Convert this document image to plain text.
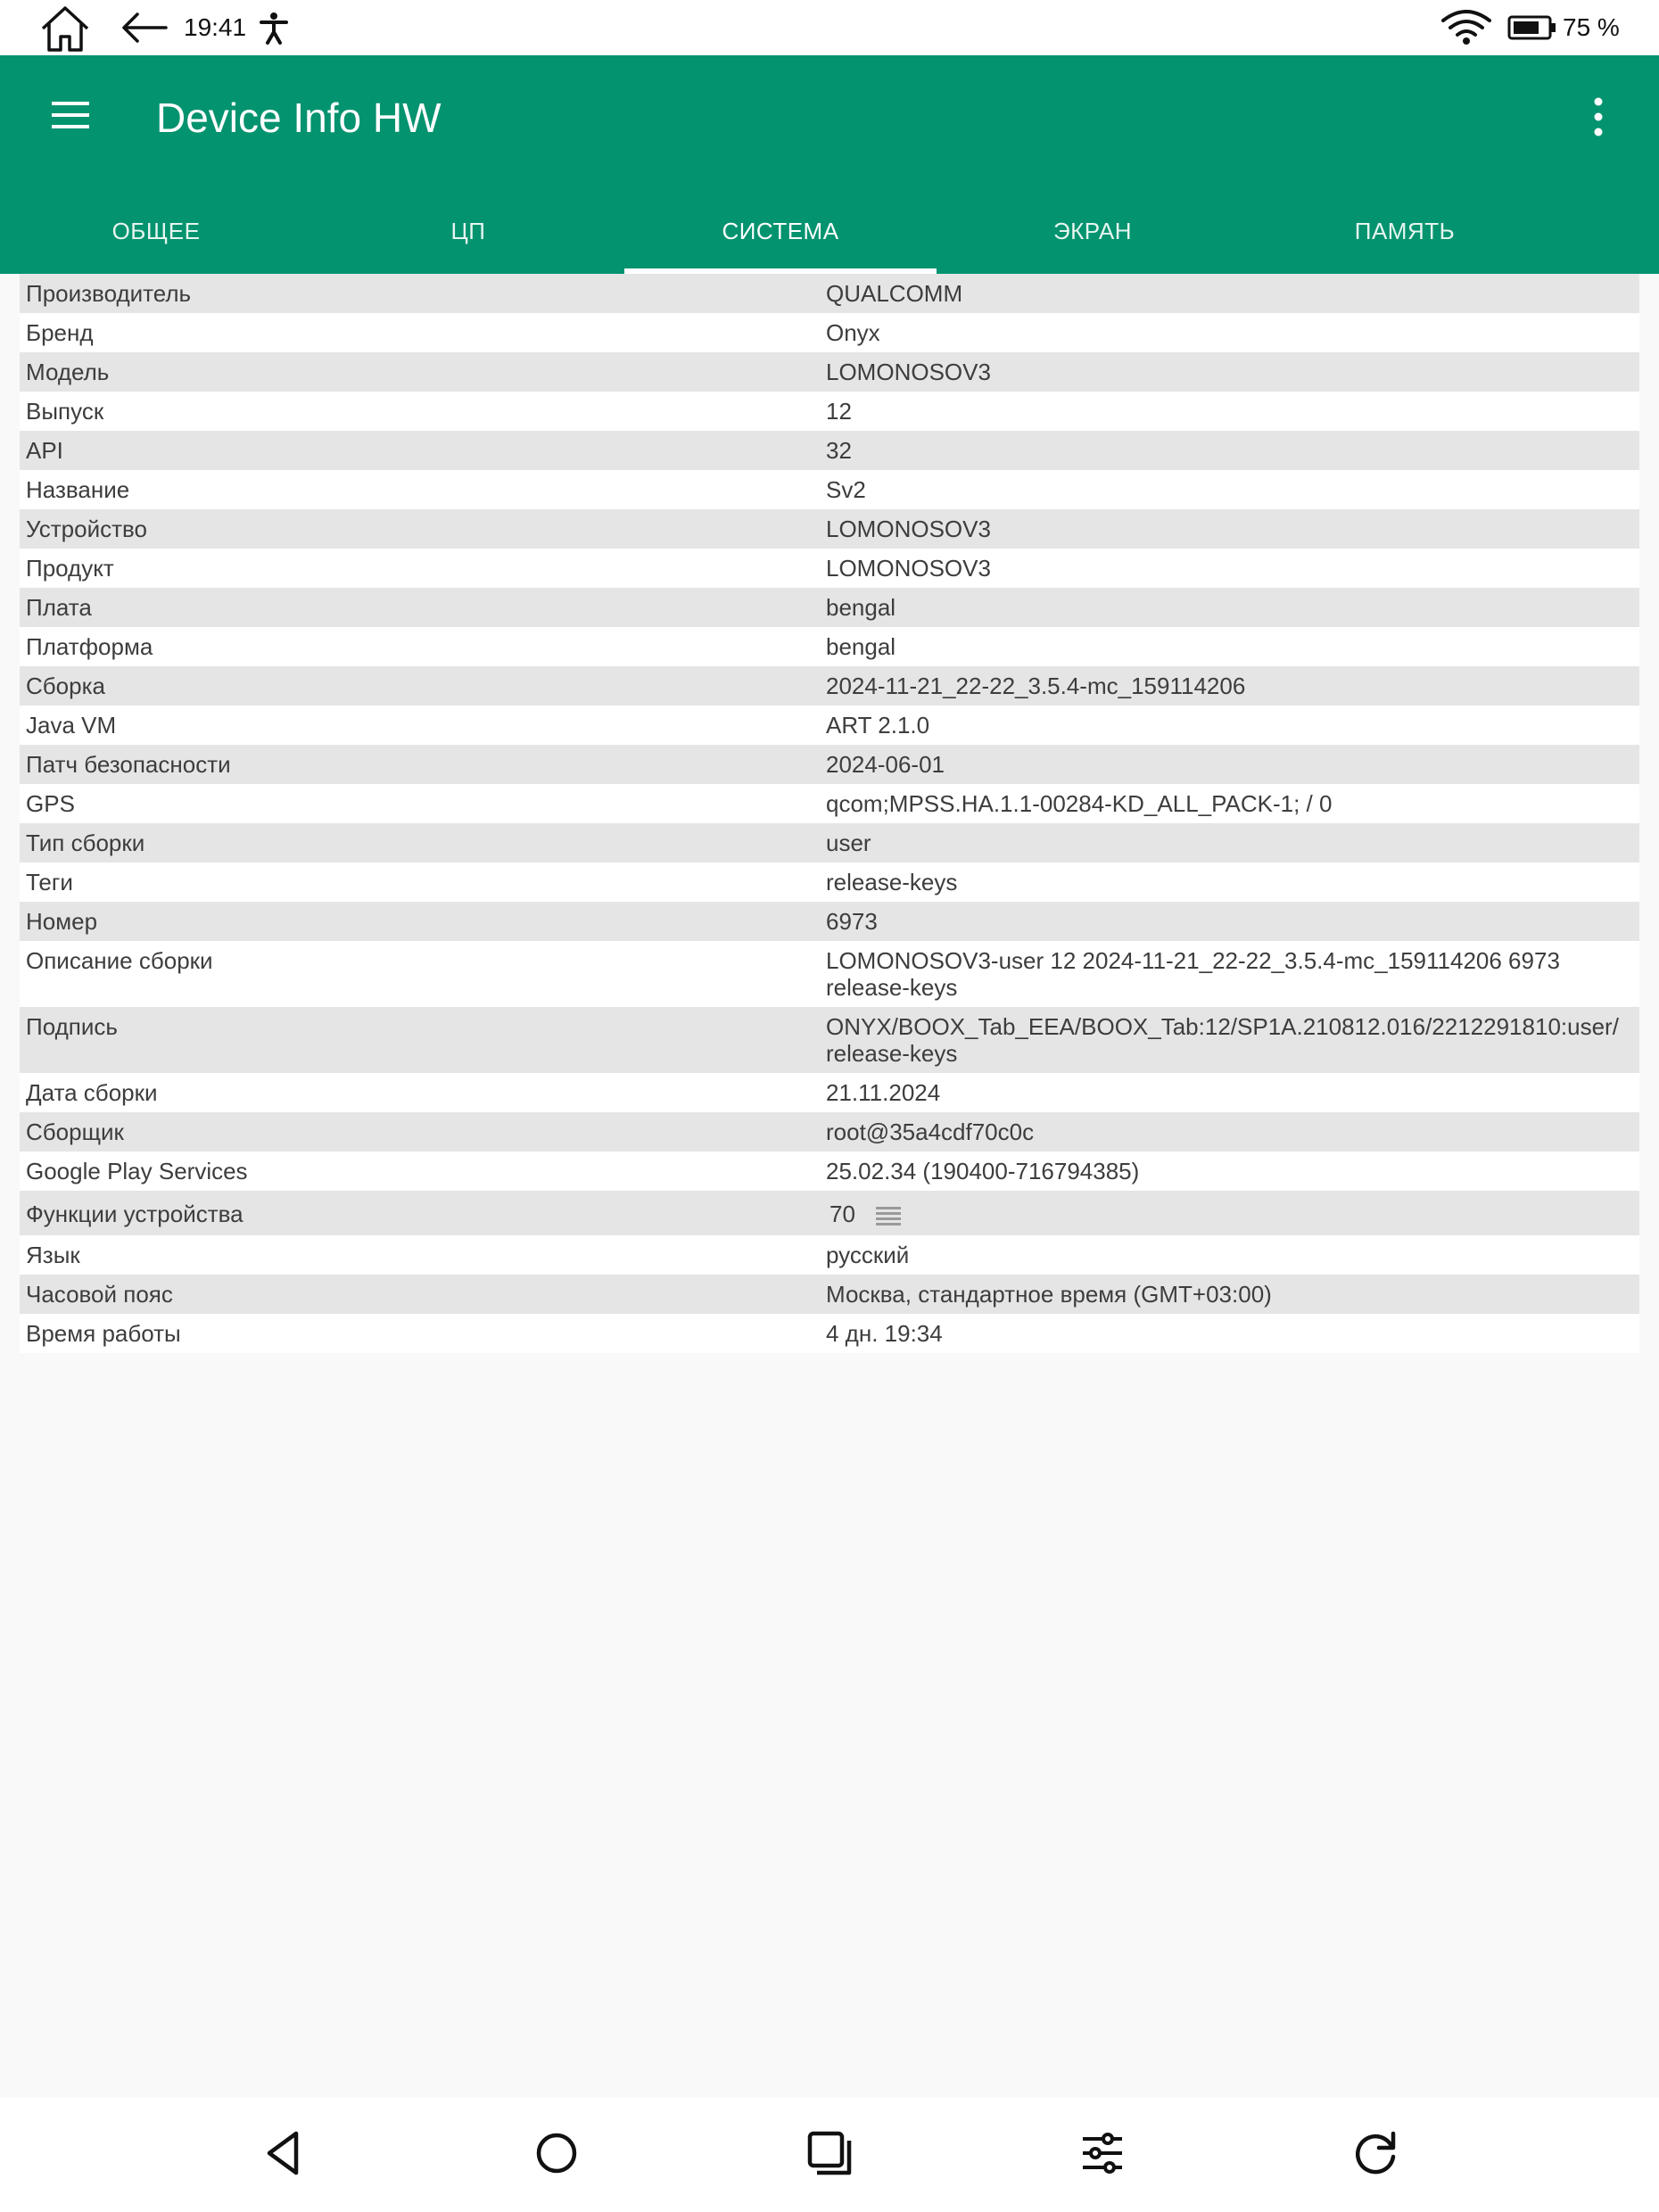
19:41	75 %
Device Info HW
ОБЩЕЕ	ЦП	СИСТЕМА	ЭКРАН	ПАМЯТЬ
Производитель	QUALCOMM
Бренд	Onyx
Модель	LOMONOSOV3
Выпуск	12
API	32
Название	Sv2
Устройство	LOMONOSOV3
Продукт	LOMONOSOV3
Плата	bengal
Платформа	bengal
Сборка	2024-11-21_22-22_3.5.4-mc_159114206
Java VM	ART 2.1.0
Патч безопасности	2024-06-01
GPS	qcom;MPSS.HA.1.1-00284-KD_ALL_PACK-1; / 0
Тип сборки	user
Теги	release-keys
Номер	6973
Описание сборки	LOMONOSOV3-user 12 2024-11-21_22-22_3.5.4-mc_159114206 6973 release-keys
Подпись	ONYX/BOOX_Tab_EEA/BOOX_Tab:12/SP1A.210812.016/2212291810:user/release-keys
Дата сборки	21.11.2024
Сборщик	root@35a4cdf70c0c
Google Play Services	25.02.34 (190400-716794385)
Функции устройства	70
Язык	русский
Часовой пояс	Москва, стандартное время (GMT+03:00)
Время работы	4 дн. 19:34
